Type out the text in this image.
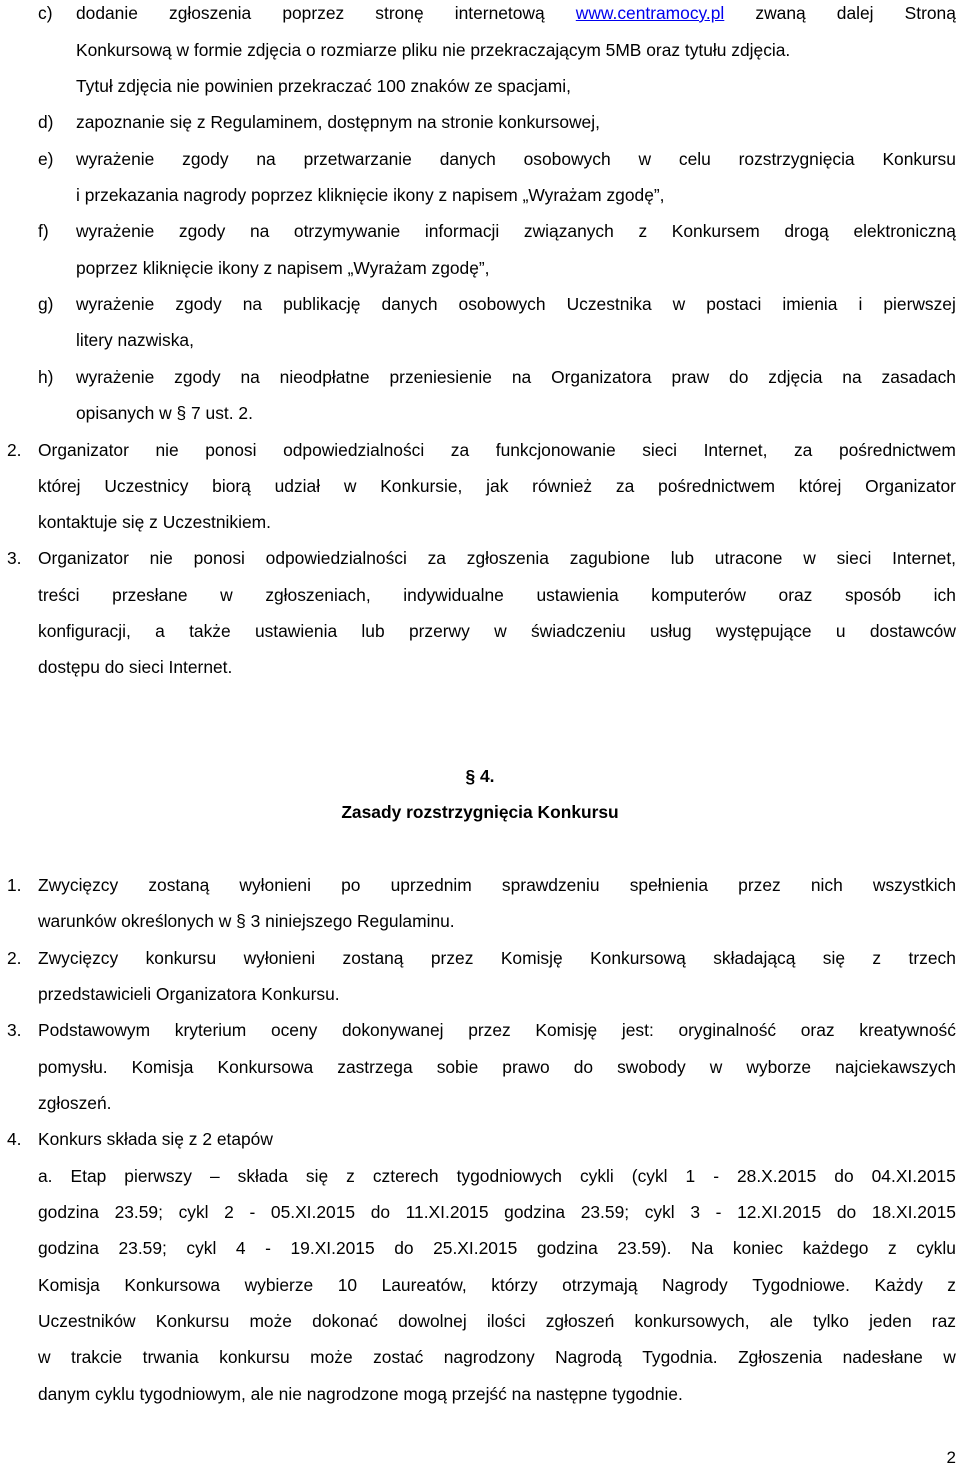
c) dodanie zgłoszenia poprzez stronę internetową www.centramocy.pl zwaną dalej Stroną
Konkursową w formie zdjęcia o rozmiarze pliku nie przekraczającym 5MB oraz tytułu zdjęcia.
Tytuł zdjęcia nie powinien przekraczać 100 znaków ze spacjami,
d) zapoznanie się z Regulaminem, dostępnym na stronie konkursowej,
e) wyrażenie zgody na przetwarzanie danych osobowych w celu rozstrzygnięcia Konkursu
i przekazania nagrody poprzez kliknięcie ikony z napisem „Wyrażam zgodę”,
f) wyrażenie zgody na otrzymywanie informacji związanych z Konkursem drogą elektroniczną
poprzez kliknięcie ikony z napisem „Wyrażam zgodę”,
g) wyrażenie zgody na publikację danych osobowych Uczestnika w postaci imienia i pierwszej
litery nazwiska,
h) wyrażenie zgody na nieodpłatne przeniesienie na Organizatora praw do zdjęcia na zasadach
opisanych w § 7 ust. 2.
2. Organizator nie ponosi odpowiedzialności za funkcjonowanie sieci Internet, za pośrednictwem
której Uczestnicy biorą udział w Konkursie, jak również za pośrednictwem której Organizator
kontaktuje się z Uczestnikiem.
3. Organizator nie ponosi odpowiedzialności za zgłoszenia zagubione lub utracone w sieci Internet,
treści przesłane w zgłoszeniach, indywidualne ustawienia komputerów oraz sposób ich
konfiguracji, a także ustawienia lub przerwy w świadczeniu usług występujące u dostawców
dostępu do sieci Internet.
§ 4.
Zasady rozstrzygnięcia Konkursu
1. Zwycięzcy zostaną wyłonieni po uprzednim sprawdzeniu spełnienia przez nich wszystkich
warunków określonych w § 3 niniejszego Regulaminu.
2. Zwycięzcy konkursu wyłonieni zostaną przez Komisję Konkursową składającą się z trzech
przedstawicieli Organizatora Konkursu.
3. Podstawowym kryterium oceny dokonywanej przez Komisję jest: oryginalność oraz kreatywność
pomysłu. Komisja Konkursowa zastrzega sobie prawo do swobody w wyborze najciekawszych
zgłoszeń.
4. Konkurs składa się z 2 etapów
a. Etap pierwszy – składa się z czterech tygodniowych cykli (cykl 1 - 28.X.2015 do 04.XI.2015
godzina 23.59; cykl 2 - 05.XI.2015 do 11.XI.2015 godzina 23.59; cykl 3 - 12.XI.2015 do 18.XI.2015
godzina 23.59; cykl 4 - 19.XI.2015 do 25.XI.2015 godzina 23.59). Na koniec każdego z cyklu
Komisja Konkursowa wybierze 10 Laureatów, którzy otrzymają Nagrody Tygodniowe. Każdy z
Uczestników Konkursu może dokonać dowolnej ilości zgłoszeń konkursowych, ale tylko jeden raz
w trakcie trwania konkursu może zostać nagrodzony Nagrodą Tygodnia. Zgłoszenia nadesłane w
danym cyklu tygodniowym, ale nie nagrodzone mogą przejść na następne tygodnie.
2
